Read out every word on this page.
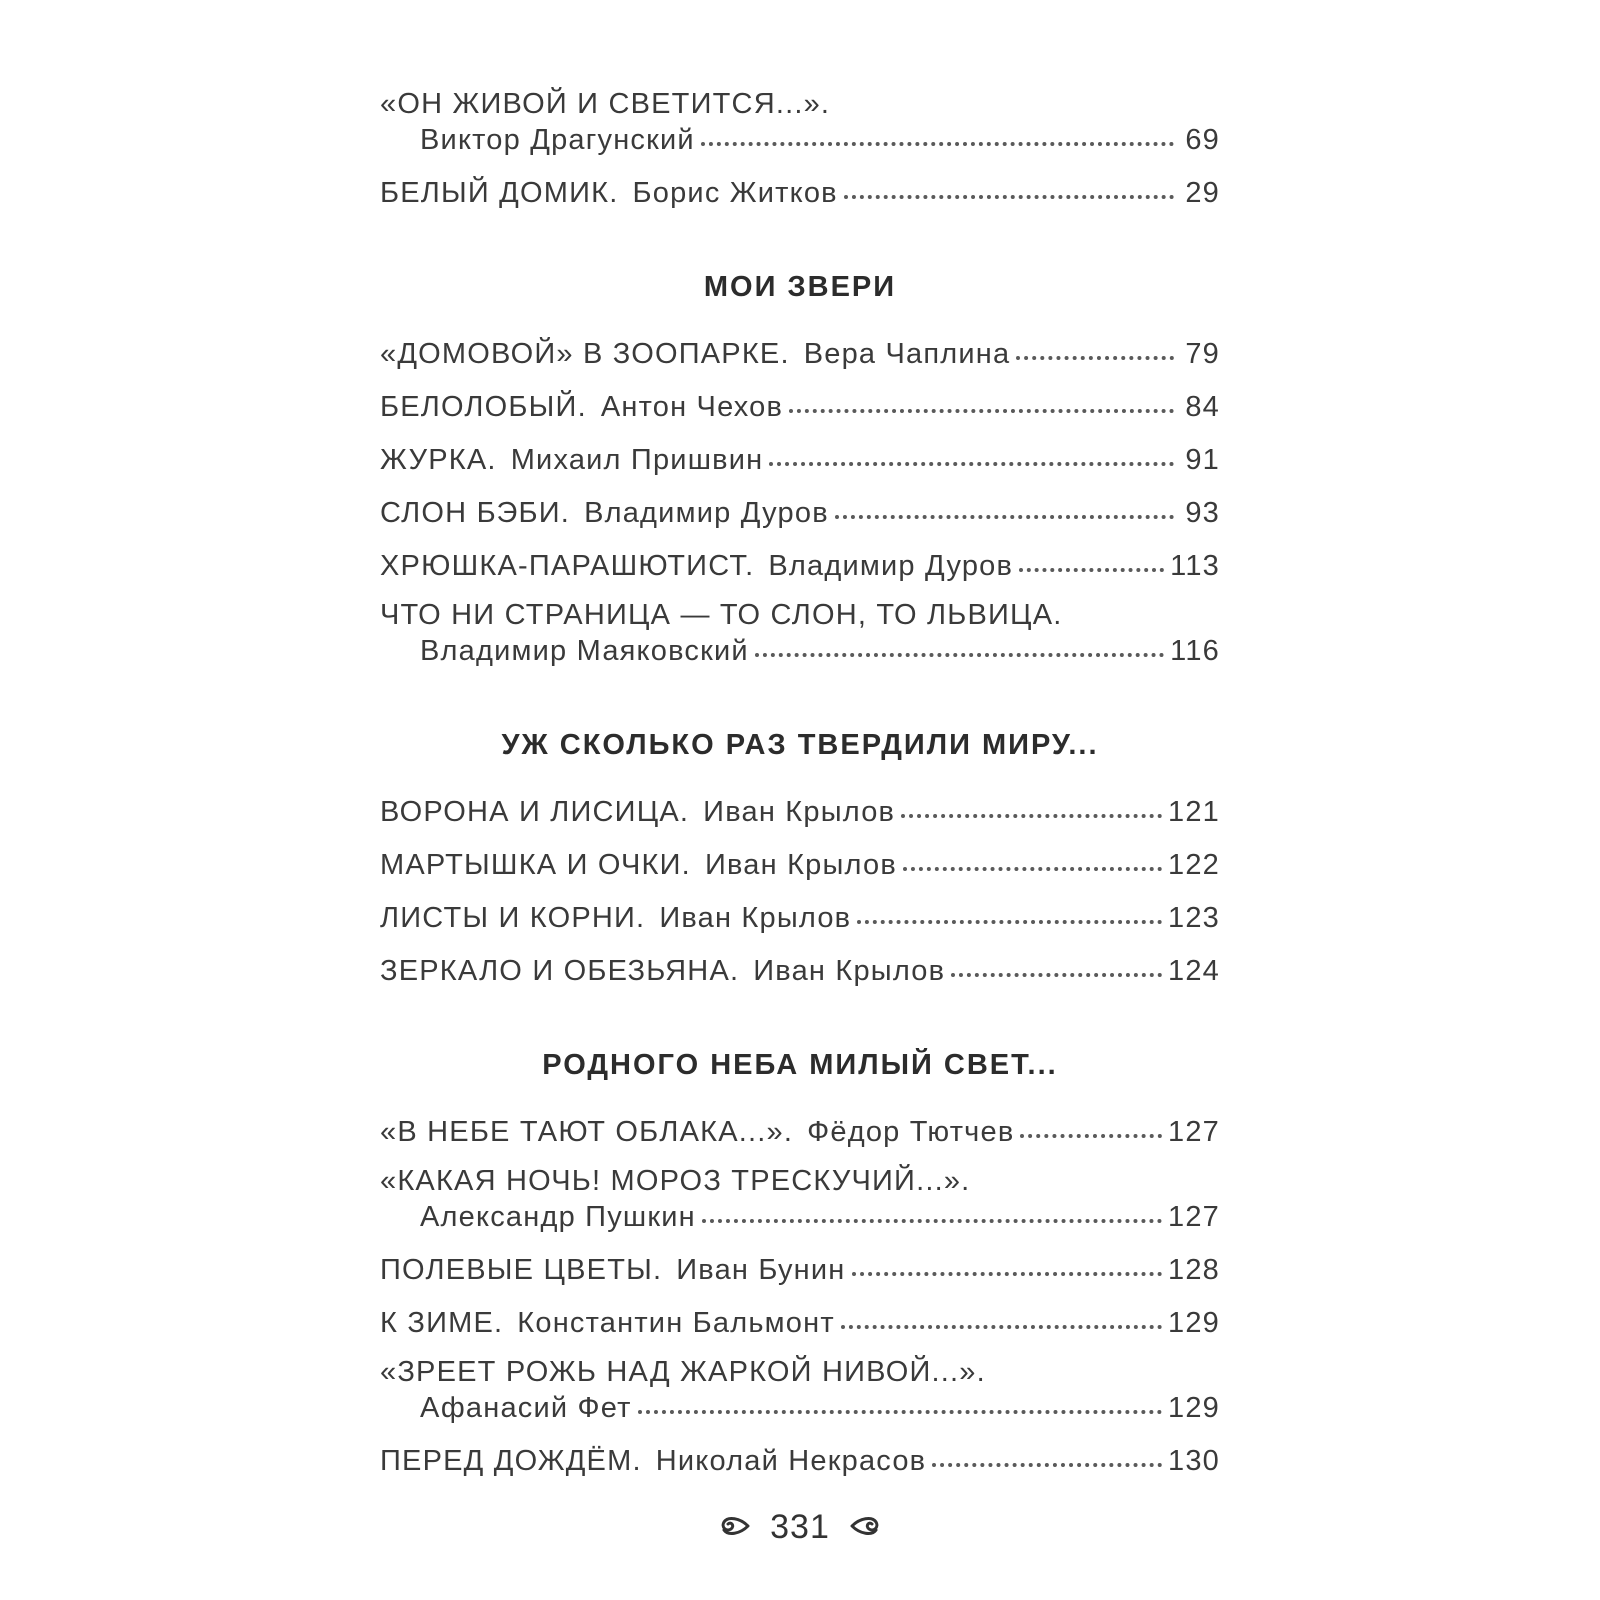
«ОН ЖИВОЙ И СВЕТИТСЯ...».
Виктор Драгунский	69
БЕЛЫЙ ДОМИК. Борис Житков	29
МОИ ЗВЕРИ
«ДОМОВОЙ» В ЗООПАРКЕ. Вера Чаплина	79
БЕЛОЛОБЫЙ. Антон Чехов	84
ЖУРКА. Михаил Пришвин	91
СЛОН БЭБИ. Владимир Дуров	93
ХРЮШКА-ПАРАШЮТИСТ. Владимир Дуров	113
ЧТО НИ СТРАНИЦА — ТО СЛОН, ТО ЛЬВИЦА.
Владимир Маяковский	116
УЖ СКОЛЬКО РАЗ ТВЕРДИЛИ МИРУ...
ВОРОНА И ЛИСИЦА. Иван Крылов	121
МАРТЫШКА И ОЧКИ. Иван Крылов	122
ЛИСТЫ И КОРНИ. Иван Крылов	123
ЗЕРКАЛО И ОБЕЗЬЯНА. Иван Крылов	124
РОДНОГО НЕБА МИЛЫЙ СВЕТ...
«В НЕБЕ ТАЮТ ОБЛАКА...». Фёдор Тютчев	127
«КАКАЯ НОЧЬ! МОРОЗ ТРЕСКУЧИЙ...».
Александр Пушкин	127
ПОЛЕВЫЕ ЦВЕТЫ. Иван Бунин	128
К ЗИМЕ. Константин Бальмонт	129
«ЗРЕЕТ РОЖЬ НАД ЖАРКОЙ НИВОЙ...».
Афанасий Фет	129
ПЕРЕД ДОЖДЁМ. Николай Некрасов	130
331
